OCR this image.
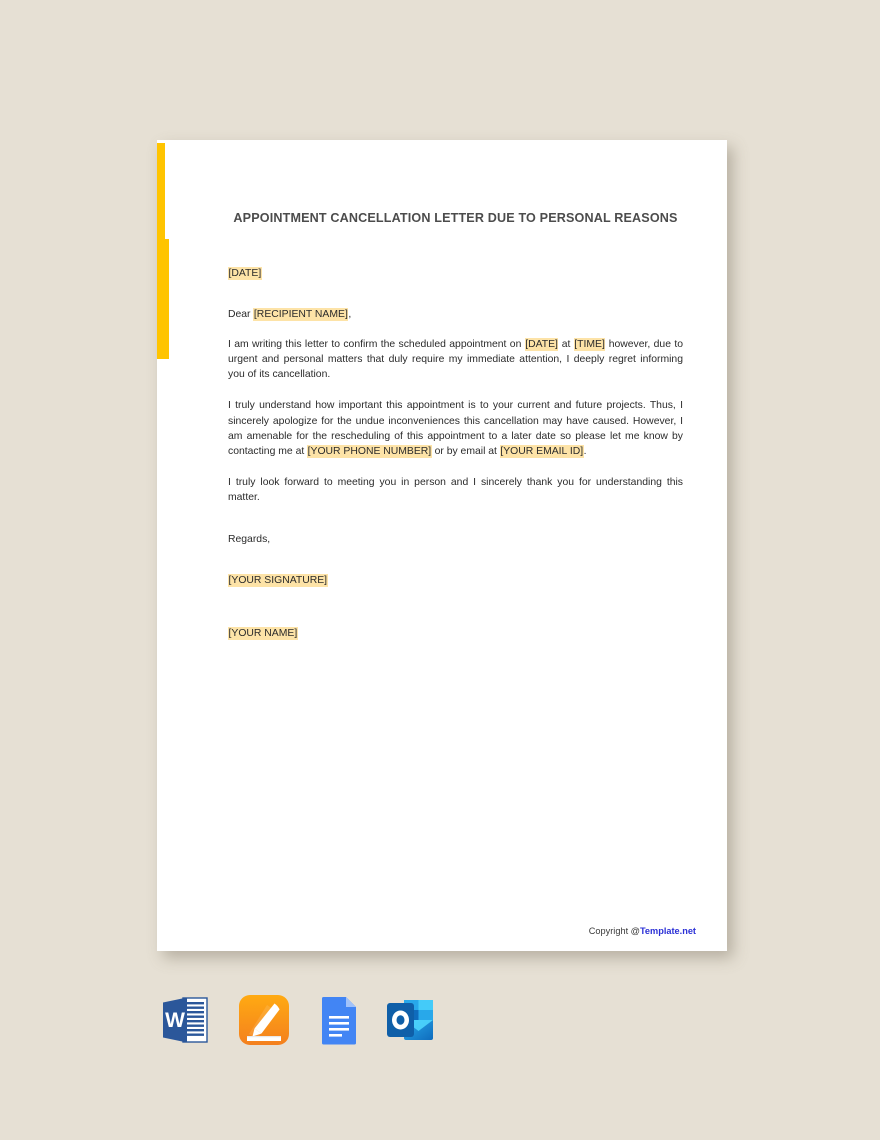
APPOINTMENT CANCELLATION LETTER DUE TO PERSONAL REASONS

[DATE]

Dear [RECIPIENT NAME],

I am writing this letter to confirm the scheduled appointment on [DATE] at [TIME] however, due to urgent and personal matters that duly require my immediate attention, I deeply regret informing you of its cancellation.

I truly understand how important this appointment is to your current and future projects. Thus, I sincerely apologize for the undue inconveniences this cancellation may have caused. However, I am amenable for the rescheduling of this appointment to a later date so please let me know by contacting me at [YOUR PHONE NUMBER] or by email at [YOUR EMAIL ID].

I truly look forward to meeting you in person and I sincerely thank you for understanding this matter.

Regards,

[YOUR SIGNATURE]

[YOUR NAME]

Copyright @Template.net
W
